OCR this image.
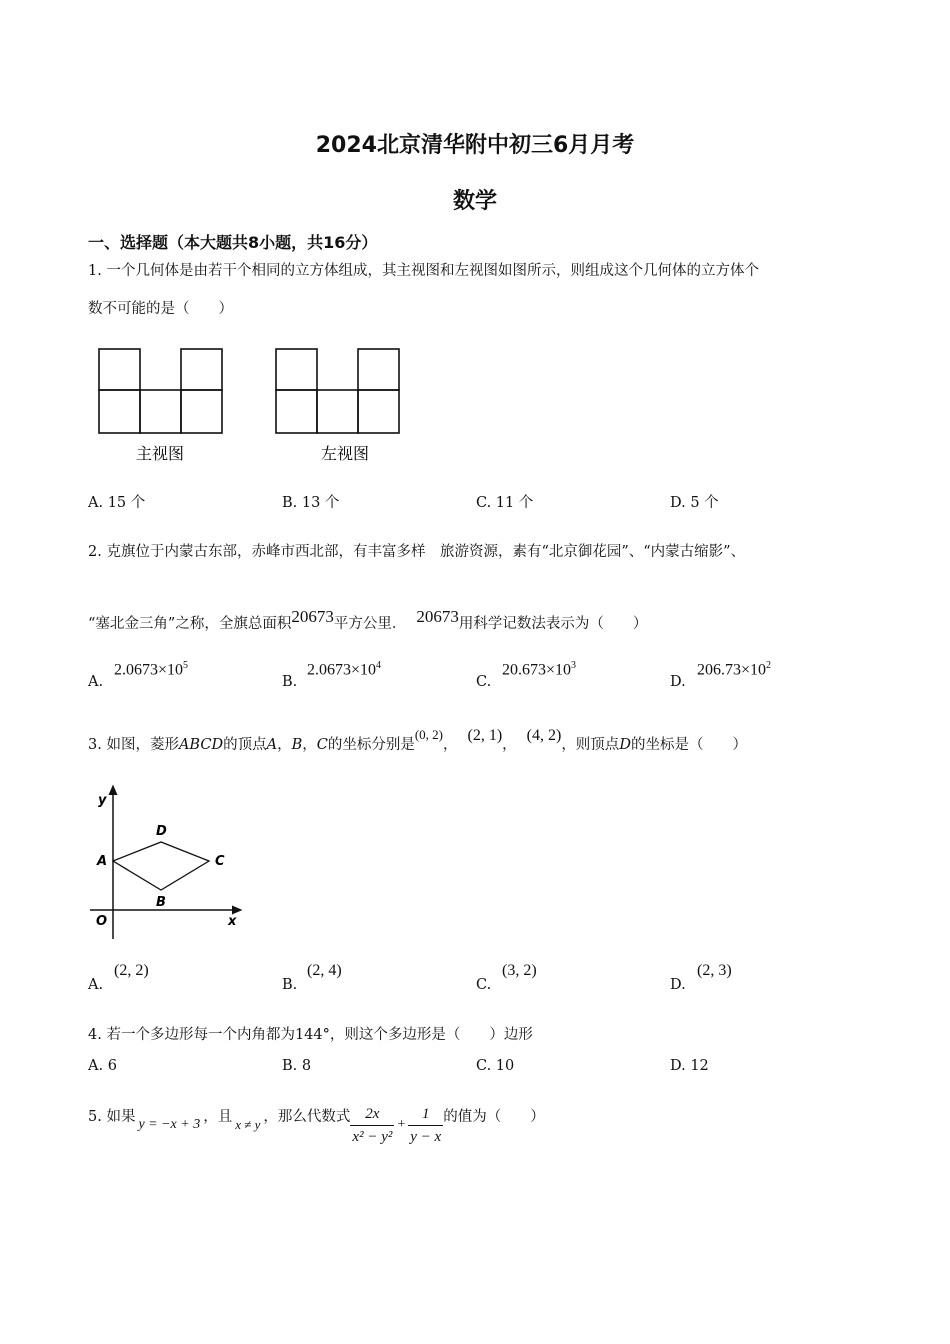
2024北京清华附中初三6月月考
数学
一、选择题（本大题共8小题，共16分）
1. 一个几何体是由若干个相同的立方体组成，其主视图和左视图如图所示，则组成这个几何体的立方体个
数不可能的是（　　）
主视图	左视图
A. 15 个	B. 13 个	C. 11 个	D. 5 个
2. 克旗位于内蒙古东部，赤峰市西北部，有丰富多样　旅游资源，素有“北京御花园”、“内蒙古缩影”、
“塞北金三角”之称，全旗总面积20673平方公里． 20673用科学记数法表示为（　　）
A.
$2.0673\times 10^5$
B.
$2.0673\times 10^4$
C.
$20.673\times 10^3$
D.
$206.73\times 10^2$
3. 如图，菱形ABCD的顶点A，B，C的坐标分别是(0, 2)，(2, 1)，(4, 2)，则顶点D的坐标是（　　）
y
x
O
A
B
C
D
A.
(2, 2)
B.
(2, 4)
C.
(3, 2)
D.
(2, 3)
4. 若一个多边形每一个内角都为144°，则这个多边形是（　　）边形
A. 6	B. 8	C. 10	D. 12
5. 如果 y = −x + 3 ，且 x ≠ y ，那么代数式 $\frac{2x}{\text{x² − y²}} + \frac{1}{y - x}$ 的值为（　　）
